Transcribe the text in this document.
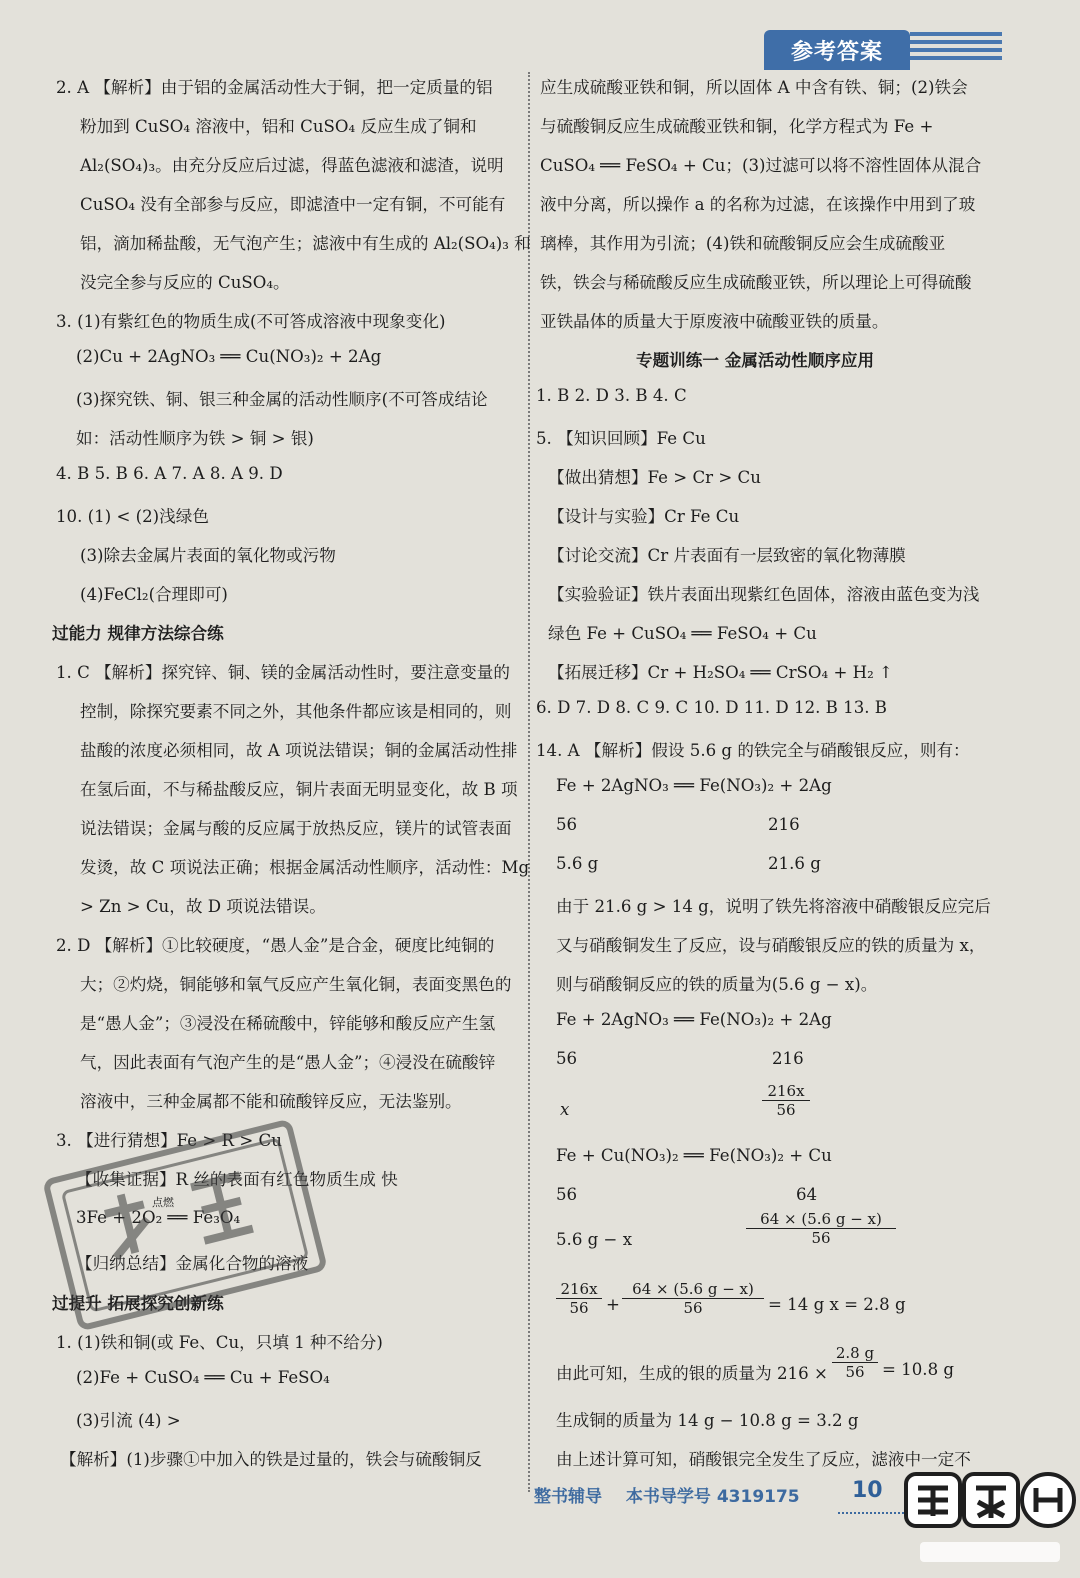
参考答案
2. A 【解析】由于铝的金属活动性大于铜，把一定质量的铝
粉加到 CuSO₄ 溶液中，铝和 CuSO₄ 反应生成了铜和
Al₂(SO₄)₃。由充分反应后过滤，得蓝色滤液和滤渣，说明
CuSO₄ 没有全部参与反应，即滤渣中一定有铜，不可能有
铝，滴加稀盐酸，无气泡产生；滤液中有生成的 Al₂(SO₄)₃ 和
没完全参与反应的 CuSO₄。
3. (1)有紫红色的物质生成(不可答成溶液中现象变化)
(2)Cu + 2AgNO₃ ══ Cu(NO₃)₂ + 2Ag
(3)探究铁、铜、银三种金属的活动性顺序(不可答成结论
如：活动性顺序为铁 > 铜 > 银)
4. B 5. B 6. A 7. A 8. A 9. D
10. (1) < (2)浅绿色
(3)除去金属片表面的氧化物或污物
(4)FeCl₂(合理即可)
过能力 规律方法综合练
1. C 【解析】探究锌、铜、镁的金属活动性时，要注意变量的
控制，除探究要素不同之外，其他条件都应该是相同的，则
盐酸的浓度必须相同，故 A 项说法错误；铜的金属活动性排
在氢后面，不与稀盐酸反应，铜片表面无明显变化，故 B 项
说法错误；金属与酸的反应属于放热反应，镁片的试管表面
发烫，故 C 项说法正确；根据金属活动性顺序，活动性：Mg
> Zn > Cu，故 D 项说法错误。
2. D 【解析】①比较硬度，“愚人金”是合金，硬度比纯铜的
大；②灼烧，铜能够和氧气反应产生氧化铜，表面变黑色的
是“愚人金”；③浸没在稀硫酸中，锌能够和酸反应产生氢
气，因此表面有气泡产生的是“愚人金”；④浸没在硫酸锌
溶液中，三种金属都不能和硫酸锌反应，无法鉴别。
3. 【进行猜想】Fe > R > Cu
【收集证据】R 丝的表面有红色物质生成 快
点燃
3Fe + 2O₂ ══ Fe₃O₄
【归纳总结】金属化合物的溶液
过提升 拓展探究创新练
1. (1)铁和铜(或 Fe、Cu，只填 1 种不给分)
(2)Fe + CuSO₄ ══ Cu + FeSO₄
(3)引流 (4) >
【解析】(1)步骤①中加入的铁是过量的，铁会与硫酸铜反
应生成硫酸亚铁和铜，所以固体 A 中含有铁、铜；(2)铁会
与硫酸铜反应生成硫酸亚铁和铜，化学方程式为 Fe +
CuSO₄ ══ FeSO₄ + Cu；(3)过滤可以将不溶性固体从混合
液中分离，所以操作 a 的名称为过滤，在该操作中用到了玻
璃棒，其作用为引流；(4)铁和硫酸铜反应会生成硫酸亚
铁，铁会与稀硫酸反应生成硫酸亚铁，所以理论上可得硫酸
亚铁晶体的质量大于原废液中硫酸亚铁的质量。
专题训练一 金属活动性顺序应用
1. B 2. D 3. B 4. C
5. 【知识回顾】Fe Cu
【做出猜想】Fe > Cr > Cu
【设计与实验】Cr Fe Cu
【讨论交流】Cr 片表面有一层致密的氧化物薄膜
【实验验证】铁片表面出现紫红色固体，溶液由蓝色变为浅
绿色 Fe + CuSO₄ ══ FeSO₄ + Cu
【拓展迁移】Cr + H₂SO₄ ══ CrSO₄ + H₂ ↑
6. D 7. D 8. C 9. C 10. D 11. D 12. B 13. B
14. A 【解析】假设 5.6 g 的铁完全与硝酸银反应，则有：
Fe + 2AgNO₃ ══ Fe(NO₃)₂ + 2Ag
56	216
5.6 g	21.6 g
由于 21.6 g > 14 g，说明了铁先将溶液中硝酸银反应完后
又与硝酸铜发生了反应，设与硝酸银反应的铁的质量为 x，
则与硝酸铜反应的铁的质量为(5.6 g − x)。
Fe + 2AgNO₃ ══ Fe(NO₃)₂ + 2Ag
56	216
x	$\frac{216x}{56}$
Fe + Cu(NO₃)₂ ══ Fe(NO₃)₂ + Cu
56	64
5.6 g − x	$\frac{64 \times (5.6 g - x)}{56}$
$\frac{216x}{56} + \frac{64 \times (5.6 g - x)}{56} = 14$ g x = 2.8 g
由此可知，生成的银的质量为 $216 \times \frac{2.8 g}{56} = 10.8$ g
生成铜的质量为 14 g − 10.8 g = 3.2 g
由上述计算可知，硝酸银完全发生了反应，滤液中一定不
整书辅导 本书导学号 4319175	10
